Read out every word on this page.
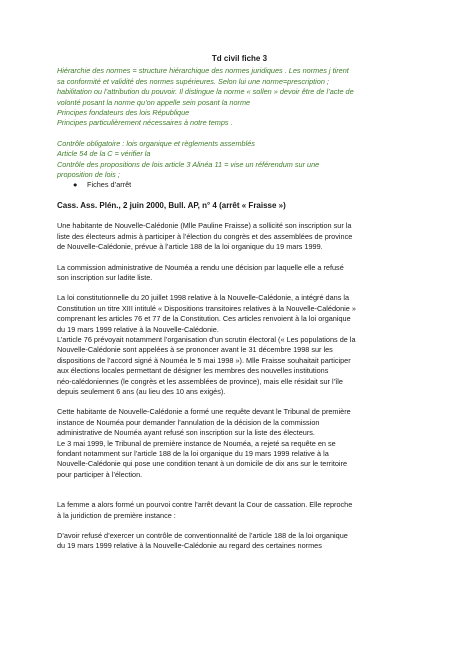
Td civil fiche 3

Hiérarchie des normes = structure hiérarchique des normes juridiques . Les normes j tirent

sa conformité et validité des normes supérieures. Selon lui une norme=prescription ;

habilitation ou l’attribution du pouvoir. Il distingue la norme « sollen » devoir être de l’acte de

volonté posant la norme qu’on appelle sein posant la norme

Principes fondateurs des lois République

Principes particulièrement nécessaires à notre temps .

Contrôle obligatoire : lois organique et règlements assemblés

Article 54 de la C = vérifier la

Contrôle des propositions de lois article 3 Alinéa 11 = vise un référendum sur une

proposition de lois ;

●	Fiches d’arrêt
Cass. Ass. Plén., 2 juin 2000, Bull. AP, n° 4 (arrêt « Fraisse »)

Une habitante de Nouvelle-Calédonie (Mlle Pauline Fraisse) a sollicité son inscription sur la
liste des électeurs admis à participer à l’élection du congrès et des assemblées de province
de Nouvelle-Calédonie, prévue à l’article 188 de la loi organique du 19 mars 1999.

La commission administrative de Nouméa a rendu une décision par laquelle elle a refusé
son inscription sur ladite liste.

La loi constitutionnelle du 20 juillet 1998 relative à la Nouvelle-Calédonie, a intégré dans la
Constitution un titre XIII intitulé « Dispositions transitoires relatives à la Nouvelle-Calédonie »
comprenant les articles 76 et 77 de la Constitution. Ces articles renvoient à la loi organique
du 19 mars 1999 relative à la Nouvelle-Calédonie.
L’article 76 prévoyait notamment l’organisation d’un scrutin électoral (« Les populations de la
Nouvelle-Calédonie sont appelées à se prononcer avant le 31 décembre 1998 sur les
dispositions de l’accord signé à Nouméa le 5 mai 1998 »). Mlle Fraisse souhaitait participer
aux élections locales permettant de désigner les membres des nouvelles institutions
néo-calédoniennes (le congrès et les assemblées de province), mais elle résidait sur l’île
depuis seulement 6 ans (au lieu des 10 ans exigés).

Cette habitante de Nouvelle-Calédonie a formé une requête devant le Tribunal de première
instance de Nouméa pour demander l’annulation de la décision de la commission
administrative de Nouméa ayant refusé son inscription sur la liste des électeurs.
Le 3 mai 1999, le Tribunal de première instance de Nouméa, a rejeté sa requête en se
fondant notamment sur l’article 188 de la loi organique du 19 mars 1999 relative à la
Nouvelle-Calédonie qui pose une condition tenant à un domicile de dix ans sur le territoire
pour participer à l’élection.

La femme a alors formé un pourvoi contre l’arrêt devant la Cour de cassation. Elle reproche
à la juridiction de première instance :

D’avoir refusé d’exercer un contrôle de conventionnalité de l’article 188 de la loi organique
du 19 mars 1999 relative à la Nouvelle-Calédonie au regard des certaines normes
